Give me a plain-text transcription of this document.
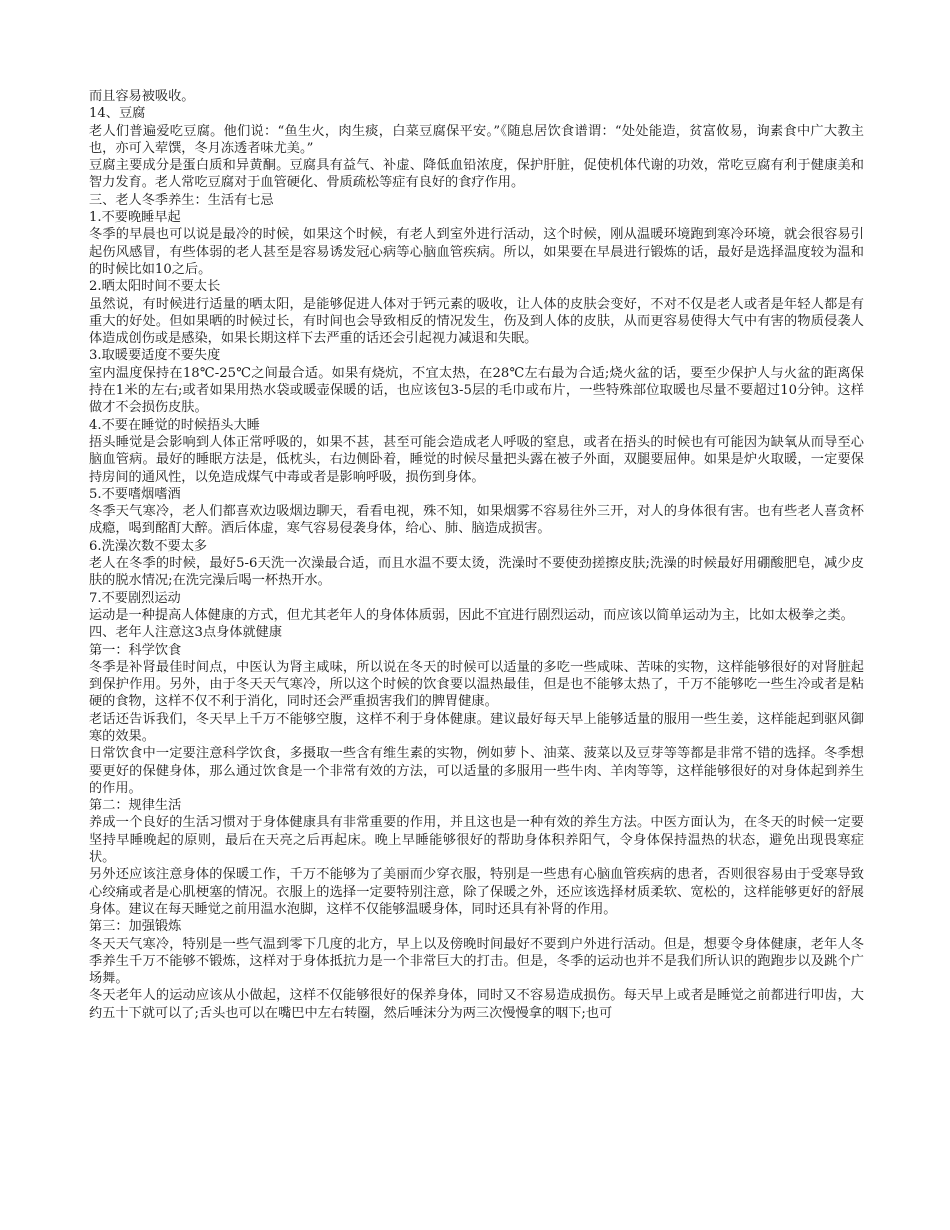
而且容易被吸收。

14、豆腐

老人们普遍爱吃豆腐。他们说：“鱼生火，肉生痰，白菜豆腐保平安。”《随息居饮食谱谓：“处处能造，贫富攸易，询素食中广大教主也，亦可入荤馔，冬月冻透者味尤美。”

豆腐主要成分是蛋白质和异黄酮。豆腐具有益气、补虚、降低血铅浓度，保护肝脏，促使机体代谢的功效，常吃豆腐有利于健康美和智力发育。老人常吃豆腐对于血管硬化、骨质疏松等症有良好的食疗作用。

三、老人冬季养生：生活有七忌

1.不要晚睡早起

冬季的早晨也可以说是最冷的时候，如果这个时候，有老人到室外进行活动，这个时候，刚从温暖环境跑到寒冷环境，就会很容易引起伤风感冒，有些体弱的老人甚至是容易诱发冠心病等心脑血管疾病。所以，如果要在早晨进行锻炼的话，最好是选择温度较为温和的时候比如10之后。

2.晒太阳时间不要太长

虽然说，有时候进行适量的晒太阳，是能够促进人体对于钙元素的吸收，让人体的皮肤会变好，不对不仅是老人或者是年轻人都是有重大的好处。但如果晒的时候过长，有时间也会导致相反的情况发生，伤及到人体的皮肤，从而更容易使得大气中有害的物质侵袭人体造成创伤或是感染，如果长期这样下去严重的话还会引起视力减退和失眠。

3.取暖要适度不要失度

室内温度保持在18℃-25℃之间最合适。如果有烧炕，不宜太热，在28℃左右最为合适;烧火盆的话，要至少保护人与火盆的距离保持在1米的左右;或者如果用热水袋或暖壶保暖的话，也应该包3-5层的毛巾或布片，一些特殊部位取暖也尽量不要超过10分钟。这样做才不会损伤皮肤。

4.不要在睡觉的时候捂头大睡

捂头睡觉是会影响到人体正常呼吸的，如果不甚，甚至可能会造成老人呼吸的窒息，或者在捂头的时候也有可能因为缺氧从而导至心脑血管病。最好的睡眠方法是，低枕头，右边侧卧着，睡觉的时候尽量把头露在被子外面，双腿要屈伸。如果是炉火取暖，一定要保持房间的通风性，以免造成煤气中毒或者是影响呼吸，损伤到身体。

5.不要嗜烟嗜酒

冬季天气寒冷，老人们都喜欢边吸烟边聊天，看看电视，殊不知，如果烟雾不容易往外三开，对人的身体很有害。也有些老人喜贪杯成瘾，喝到酩酊大醉。酒后体虚，寒气容易侵袭身体，给心、肺、脑造成损害。

6.洗澡次数不要太多

老人在冬季的时候，最好5-6天洗一次澡最合适，而且水温不要太烫，洗澡时不要使劲搓擦皮肤;洗澡的时候最好用硼酸肥皂，减少皮肤的脱水情况;在洗完澡后喝一杯热开水。

7.不要剧烈运动

运动是一种提高人体健康的方式，但尤其老年人的身体体质弱，因此不宜进行剧烈运动，而应该以简单运动为主，比如太极拳之类。

四、老年人注意这3点身体就健康

第一：科学饮食

冬季是补肾最佳时间点，中医认为肾主咸味，所以说在冬天的时候可以适量的多吃一些咸味、苦味的实物，这样能够很好的对肾脏起到保护作用。另外，由于冬天天气寒冷，所以这个时候的饮食要以温热最佳，但是也不能够太热了，千万不能够吃一些生冷或者是粘硬的食物，这样不仅不利于消化，同时还会严重损害我们的脾胃健康。

老话还告诉我们，冬天早上千万不能够空腹，这样不利于身体健康。建议最好每天早上能够适量的服用一些生姜，这样能起到驱风御寒的效果。

日常饮食中一定要注意科学饮食，多摄取一些含有维生素的实物，例如萝卜、油菜、菠菜以及豆芽等等都是非常不错的选择。冬季想要更好的保健身体，那么通过饮食是一个非常有效的方法，可以适量的多服用一些牛肉、羊肉等等，这样能够很好的对身体起到养生的作用。

第二：规律生活

养成一个良好的生活习惯对于身体健康具有非常重要的作用，并且这也是一种有效的养生方法。中医方面认为，在冬天的时候一定要坚持早睡晚起的原则，最后在天亮之后再起床。晚上早睡能够很好的帮助身体积养阳气，令身体保持温热的状态，避免出现畏寒症状。

另外还应该注意身体的保暖工作，千万不能够为了美丽而少穿衣服，特别是一些患有心脑血管疾病的患者，否则很容易由于受寒导致心绞痛或者是心肌梗塞的情况。衣服上的选择一定要特别注意，除了保暖之外，还应该选择材质柔软、宽松的，这样能够更好的舒展身体。建议在每天睡觉之前用温水泡脚，这样不仅能够温暖身体，同时还具有补肾的作用。

第三：加强锻炼

冬天天气寒冷，特别是一些气温到零下几度的北方，早上以及傍晚时间最好不要到户外进行活动。但是，想要令身体健康，老年人冬季养生千万不能够不锻炼，这样对于身体抵抗力是一个非常巨大的打击。但是，冬季的运动也并不是我们所认识的跑跑步以及跳个广场舞。

冬天老年人的运动应该从小做起，这样不仅能够很好的保养身体，同时又不容易造成损伤。每天早上或者是睡觉之前都进行叩齿，大约五十下就可以了;舌头也可以在嘴巴中左右转圈，然后唾沫分为两三次慢慢拿的咽下;也可
